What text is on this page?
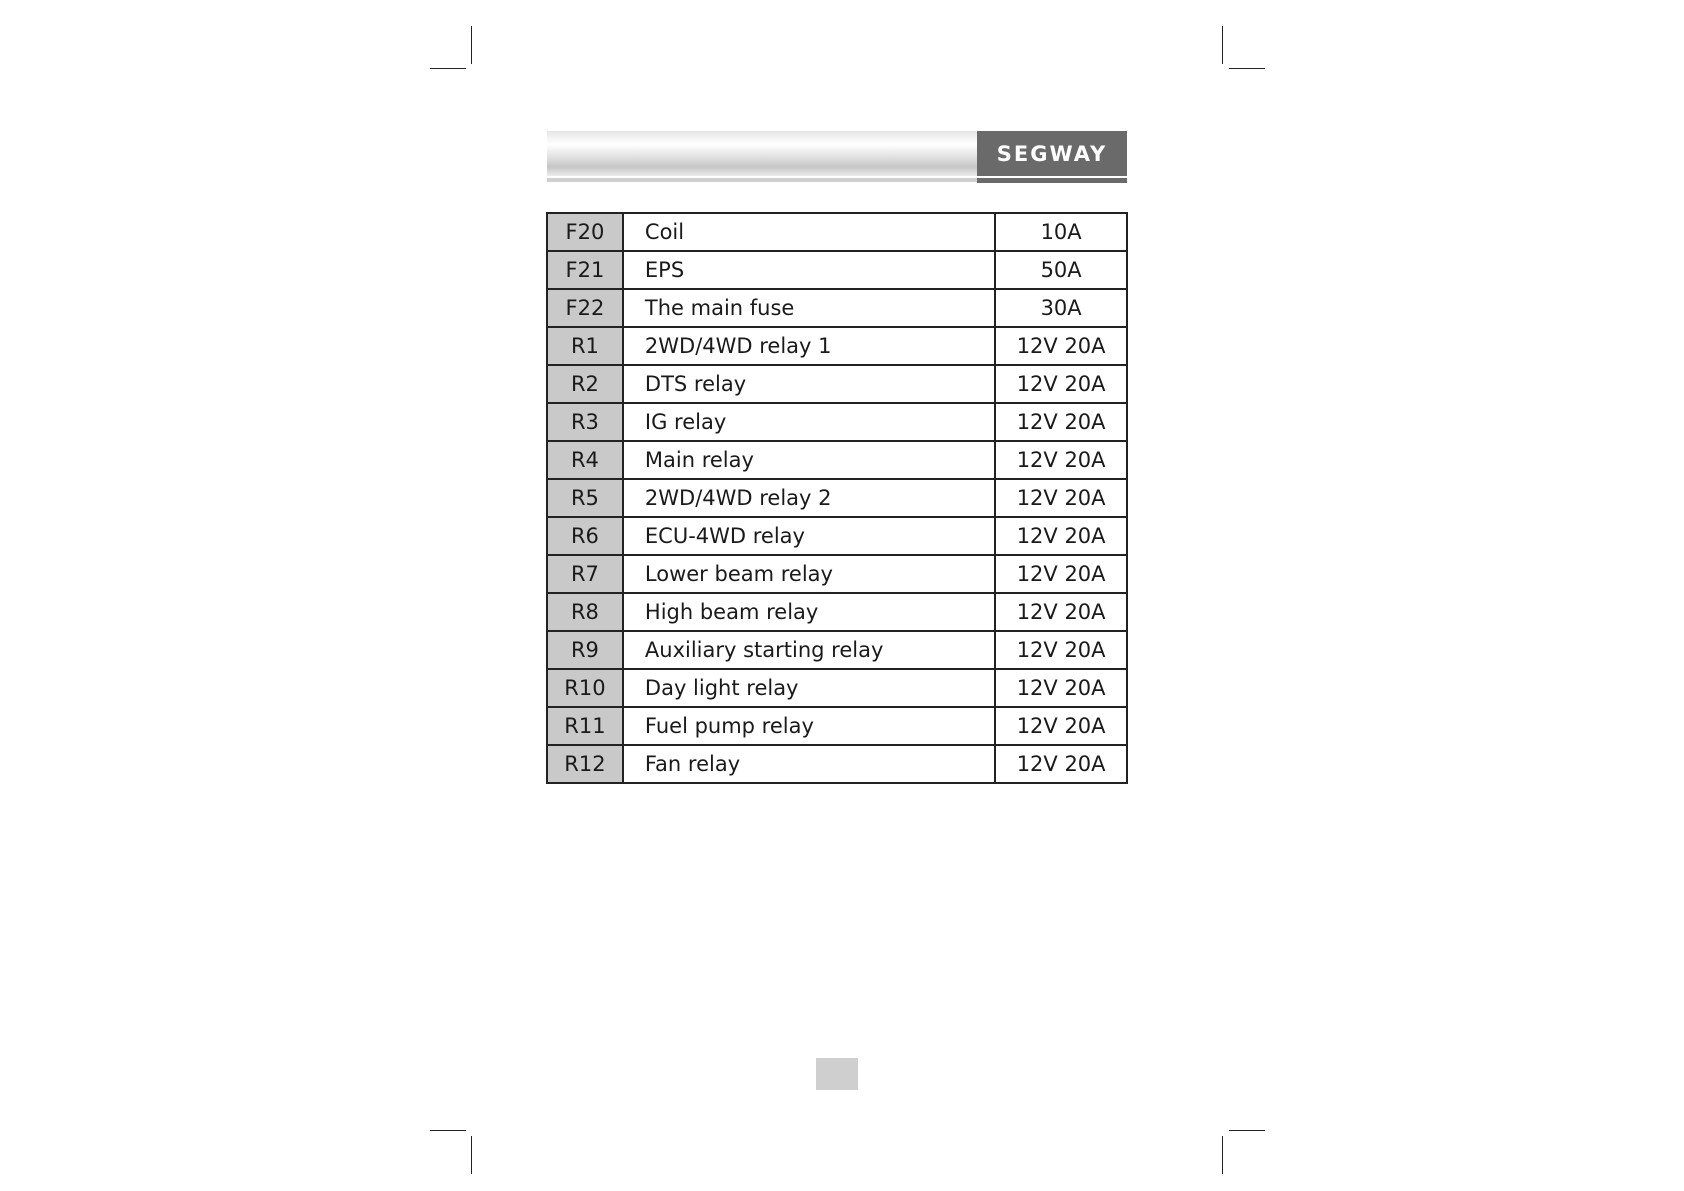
SEGWAY
F20	Coil	10A
F21	EPS	50A
F22	The main fuse	30A
R1	2WD/4WD relay 1	12V 20A
R2	DTS relay	12V 20A
R3	IG relay	12V 20A
R4	Main relay	12V 20A
R5	2WD/4WD relay 2	12V 20A
R6	ECU-4WD relay	12V 20A
R7	Lower beam relay	12V 20A
R8	High beam relay	12V 20A
R9	Auxiliary starting relay	12V 20A
R10	Day light relay	12V 20A
R11	Fuel pump relay	12V 20A
R12	Fan relay	12V 20A
